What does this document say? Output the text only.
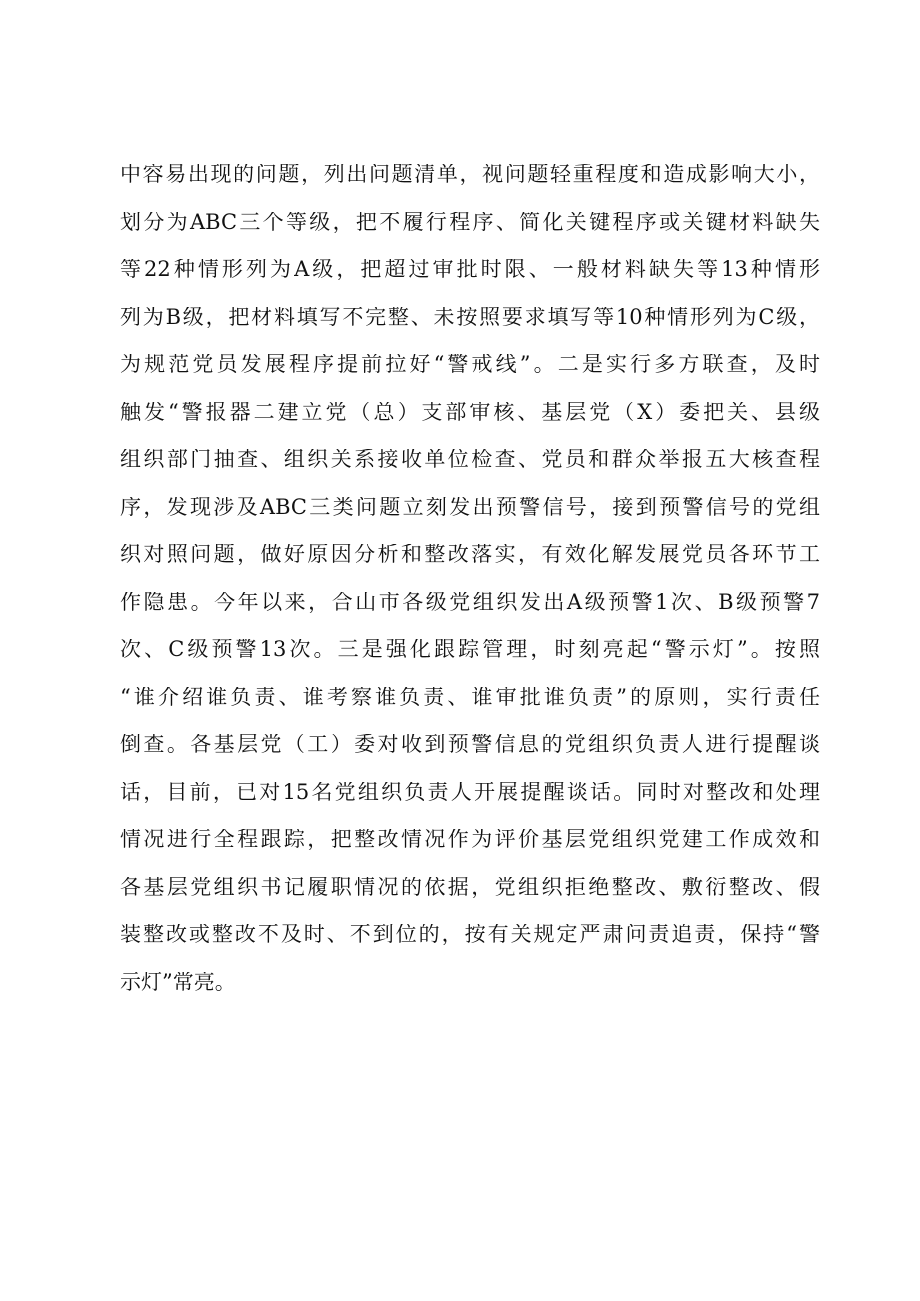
中容易出现的问题，列出问题清单，视问题轻重程度和造成影响大小，
划分为ABC三个等级，把不履行程序、简化关键程序或关键材料缺失
等22种情形列为A级，把超过审批时限、一般材料缺失等13种情形
列为B级，把材料填写不完整、未按照要求填写等10种情形列为C级，
为规范党员发展程序提前拉好“警戒线”。二是实行多方联查，及时
触发“警报器二建立党（总）支部审核、基层党（X）委把关、县级
组织部门抽查、组织关系接收单位检查、党员和群众举报五大核查程
序，发现涉及ABC三类问题立刻发出预警信号，接到预警信号的党组
织对照问题，做好原因分析和整改落实，有效化解发展党员各环节工
作隐患。今年以来，合山市各级党组织发出A级预警1次、B级预警7
次、C级预警13次。三是强化跟踪管理，时刻亮起“警示灯”。按照
“谁介绍谁负责、谁考察谁负责、谁审批谁负责”的原则，实行责任
倒查。各基层党（工）委对收到预警信息的党组织负责人进行提醒谈
话，目前，已对15名党组织负责人开展提醒谈话。同时对整改和处理
情况进行全程跟踪，把整改情况作为评价基层党组织党建工作成效和
各基层党组织书记履职情况的依据，党组织拒绝整改、敷衍整改、假
装整改或整改不及时、不到位的，按有关规定严肃问责追责，保持“警
示灯”常亮。
